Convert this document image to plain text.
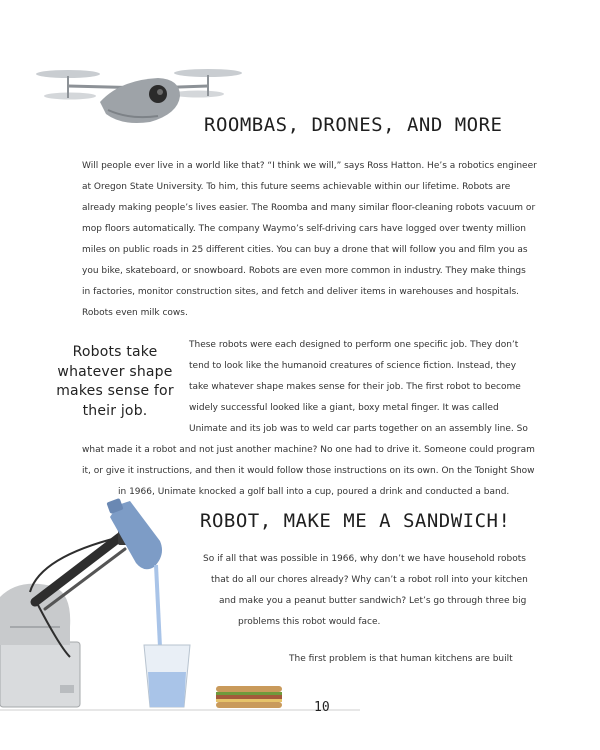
ROOMBAS, DRONES, AND MORE
Will people ever live in a world like that? “I think we will,” says Ross Hatton. He’s a robotics engineer
at Oregon State University. To him, this future seems achievable within our lifetime. Robots are
already making people’s lives easier. The Roomba and many similar floor-cleaning robots vacuum or
mop floors automatically. The company Waymo’s self-driving cars have logged over twenty million
miles on public roads in 25 different cities. You can buy a drone that will follow you and film you as
you bike, skateboard, or snowboard. Robots are even more common in industry. They make things
in factories, monitor construction sites, and fetch and deliver items in warehouses and hospitals.
Robots even milk cows.
Robots take
whatever shape
makes sense for
their job.
These robots were each designed to perform one specific job. They don’t
tend to look like the humanoid creatures of science fiction. Instead, they
take whatever shape makes sense for their job. The first robot to become
widely successful looked like a giant, boxy metal finger. It was called
Unimate and its job was to weld car parts together on an assembly line. So
what made it a robot and not just another machine? No one had to drive it. Someone could program
it, or give it instructions, and then it would follow those instructions on its own. On the Tonight Show
in 1966, Unimate knocked a golf ball into a cup, poured a drink and conducted a band.
ROBOT, MAKE ME A SANDWICH!
So if all that was possible in 1966, why don’t we have household robots
that do all our chores already? Why can’t a robot roll into your kitchen
and make you a peanut butter sandwich? Let’s go through three big
problems this robot would face.
The first problem is that human kitchens are built
10
